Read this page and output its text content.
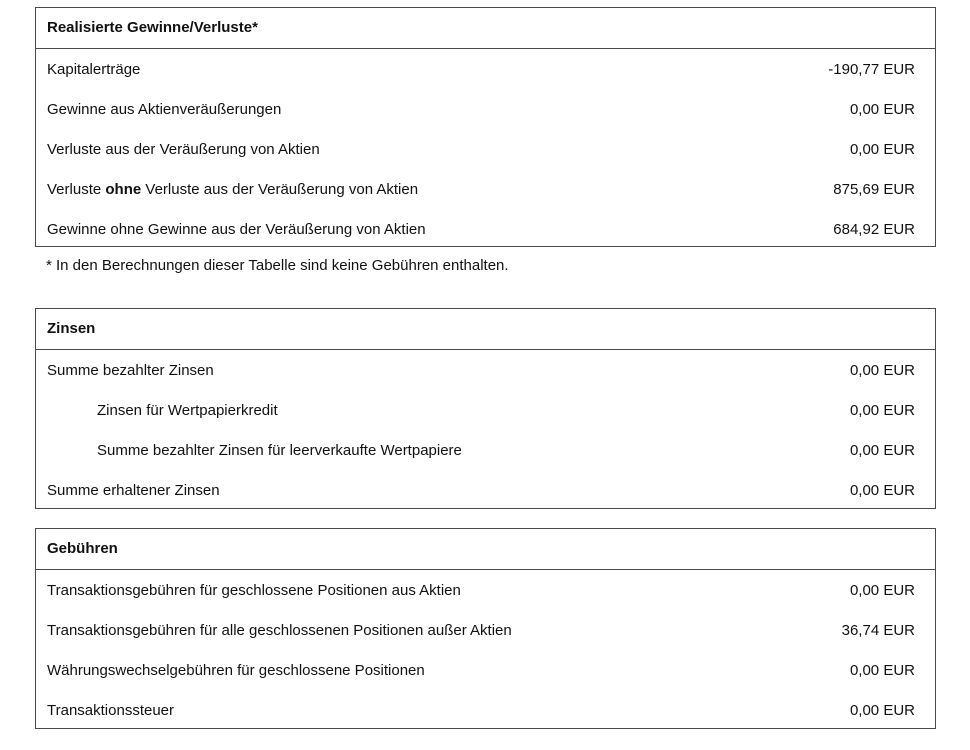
Realisierte Gewinne/Verluste*
Kapitalerträge	-190,77 EUR
Gewinne aus Aktienveräußerungen	0,00 EUR
Verluste aus der Veräußerung von Aktien	0,00 EUR
Verluste ohne Verluste aus der Veräußerung von Aktien	875,69 EUR
Gewinne ohne Gewinne aus der Veräußerung von Aktien	684,92 EUR
* In den Berechnungen dieser Tabelle sind keine Gebühren enthalten.
Zinsen
Summe bezahlter Zinsen	0,00 EUR
Zinsen für Wertpapierkredit	0,00 EUR
Summe bezahlter Zinsen für leerverkaufte Wertpapiere	0,00 EUR
Summe erhaltener Zinsen	0,00 EUR
Gebühren
Transaktionsgebühren für geschlossene Positionen aus Aktien	0,00 EUR
Transaktionsgebühren für alle geschlossenen Positionen außer Aktien	36,74 EUR
Währungswechselgebühren für geschlossene Positionen	0,00 EUR
Transaktionssteuer	0,00 EUR
